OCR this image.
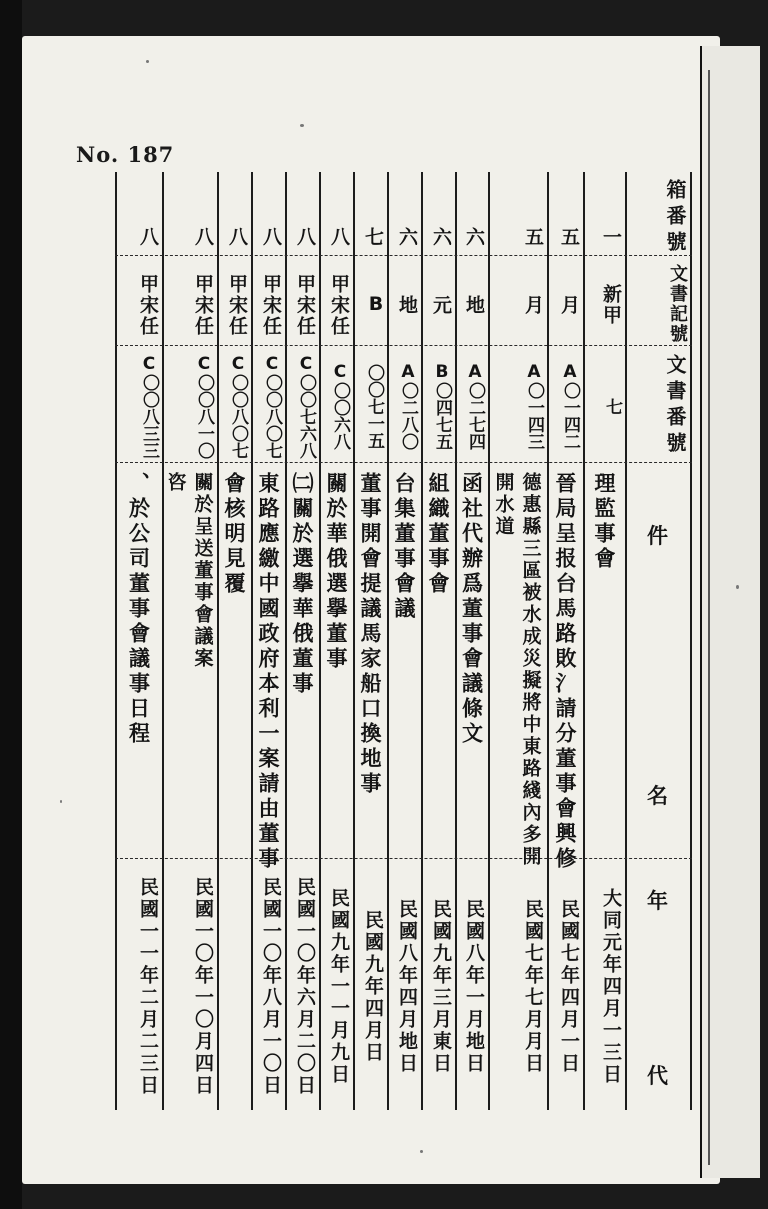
No. 187
箱番號
文書記號
文書番號
件
名
年
代
一
新甲
七
理監事會
大同元年四月一三日
五
月
A〇一四二
晉局呈报台馬路敗氵請分董事會興修
民國七年四月一日
五
月
A〇一四三
德惠縣三區被水成災擬將中東路綫內多開
開水道
民國七年七月月日
六
地
A〇二七四
函社代辦爲董事會議條文
民國八年一月地日
六
元
B〇四七五
組織董事會
民國九年三月東日
六
地
A〇二八〇
台集董事會議
民國八年四月地日
七
B
〇〇七一五
董事開會提議馬家船口換地事
民國九年四月日
八
甲宋任
C〇〇六八
關於華俄選擧董事
民國九年一一月九日
八
甲宋任
C〇〇七六八
㈡關於選擧華俄董事
民國一〇年六月二〇日
八
甲宋任
C〇〇八〇七
東路應繳中國政府本利一案請由董事
民國一〇年八月一〇日
八
甲宋任
C〇〇八〇七
會核明見覆
八
甲宋任
C〇〇八一〇
關於呈送董事會議案
咨
民國一〇年一〇月四日
八
甲宋任
C〇〇八三三
、於公司董事會議事日程
民國一一年二月二三日
